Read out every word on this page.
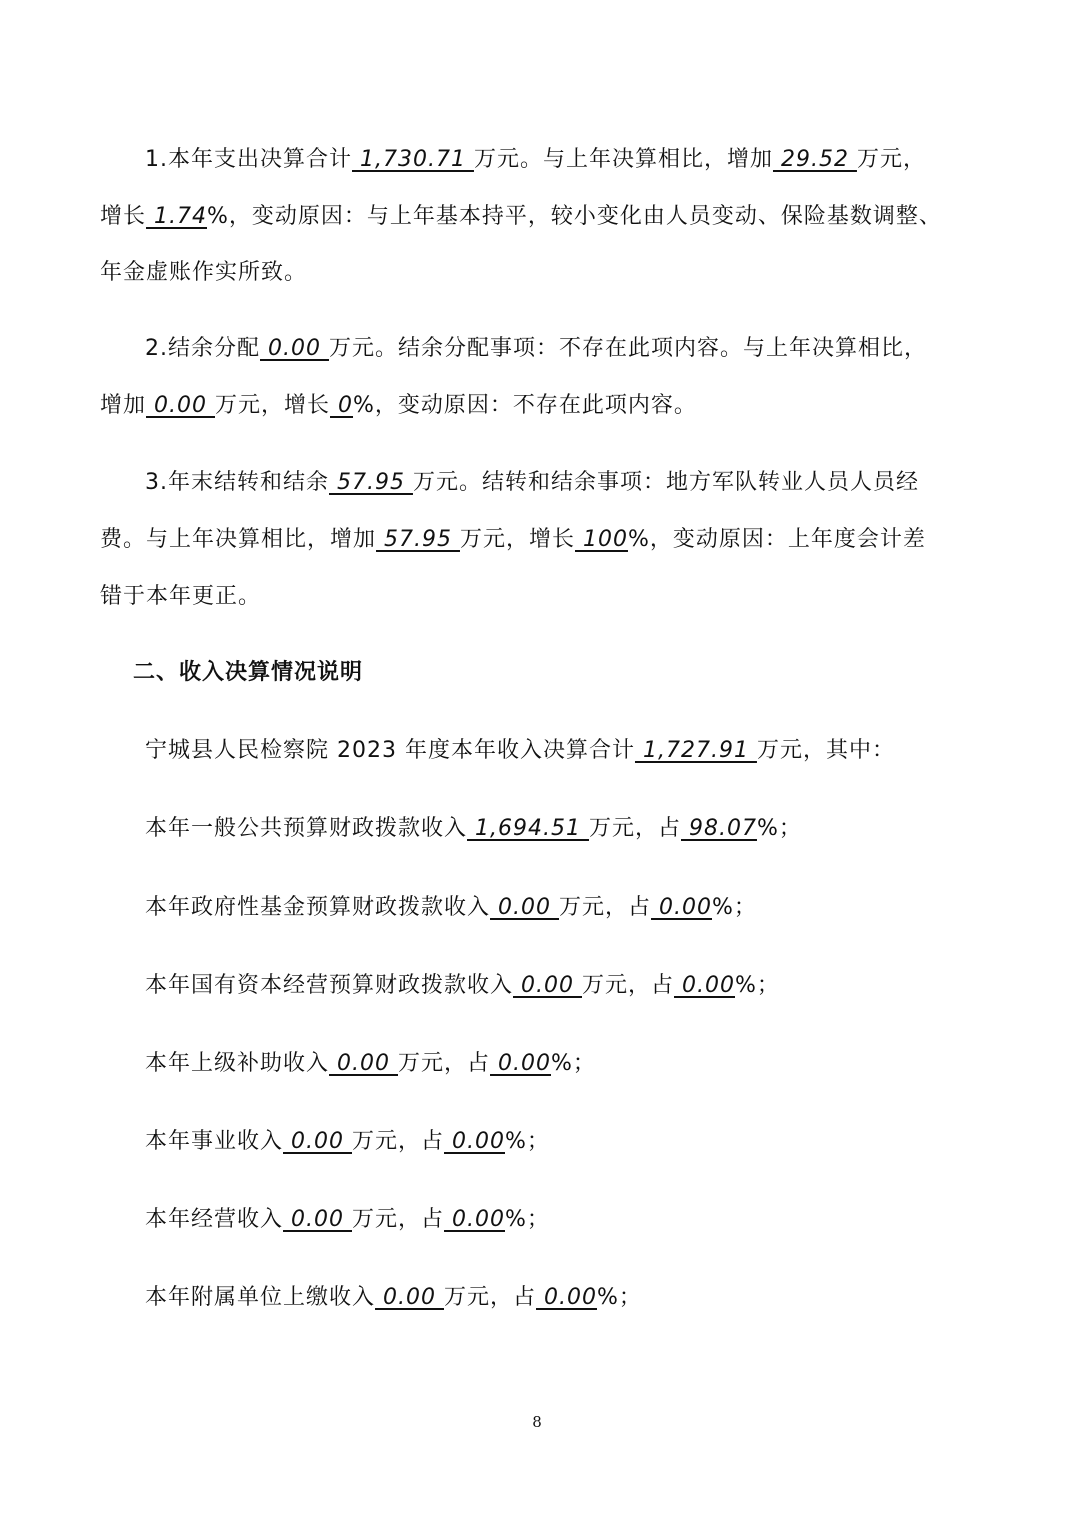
1.本年支出决算合计 1,730.71 万元。与上年决算相比，增加 29.52 万元，
增长 1.74%，变动原因：与上年基本持平，较小变化由人员变动、保险基数调整、
年金虚账作实所致。
2.结余分配 0.00 万元。结余分配事项：不存在此项内容。与上年决算相比，
增加 0.00 万元，增长 0%，变动原因：不存在此项内容。
3.年末结转和结余 57.95 万元。结转和结余事项：地方军队转业人员人员经
费。与上年决算相比，增加 57.95 万元，增长 100%，变动原因：上年度会计差
错于本年更正。
二、收入决算情况说明
宁城县人民检察院 2023 年度本年收入决算合计 1,727.91 万元，其中：
本年一般公共预算财政拨款收入 1,694.51 万元，占 98.07%；
本年政府性基金预算财政拨款收入 0.00 万元，占 0.00%；
本年国有资本经营预算财政拨款收入 0.00 万元，占 0.00%；
本年上级补助收入 0.00 万元，占 0.00%；
本年事业收入 0.00 万元，占 0.00%；
本年经营收入 0.00 万元，占 0.00%；
本年附属单位上缴收入 0.00 万元，占 0.00%；
8
